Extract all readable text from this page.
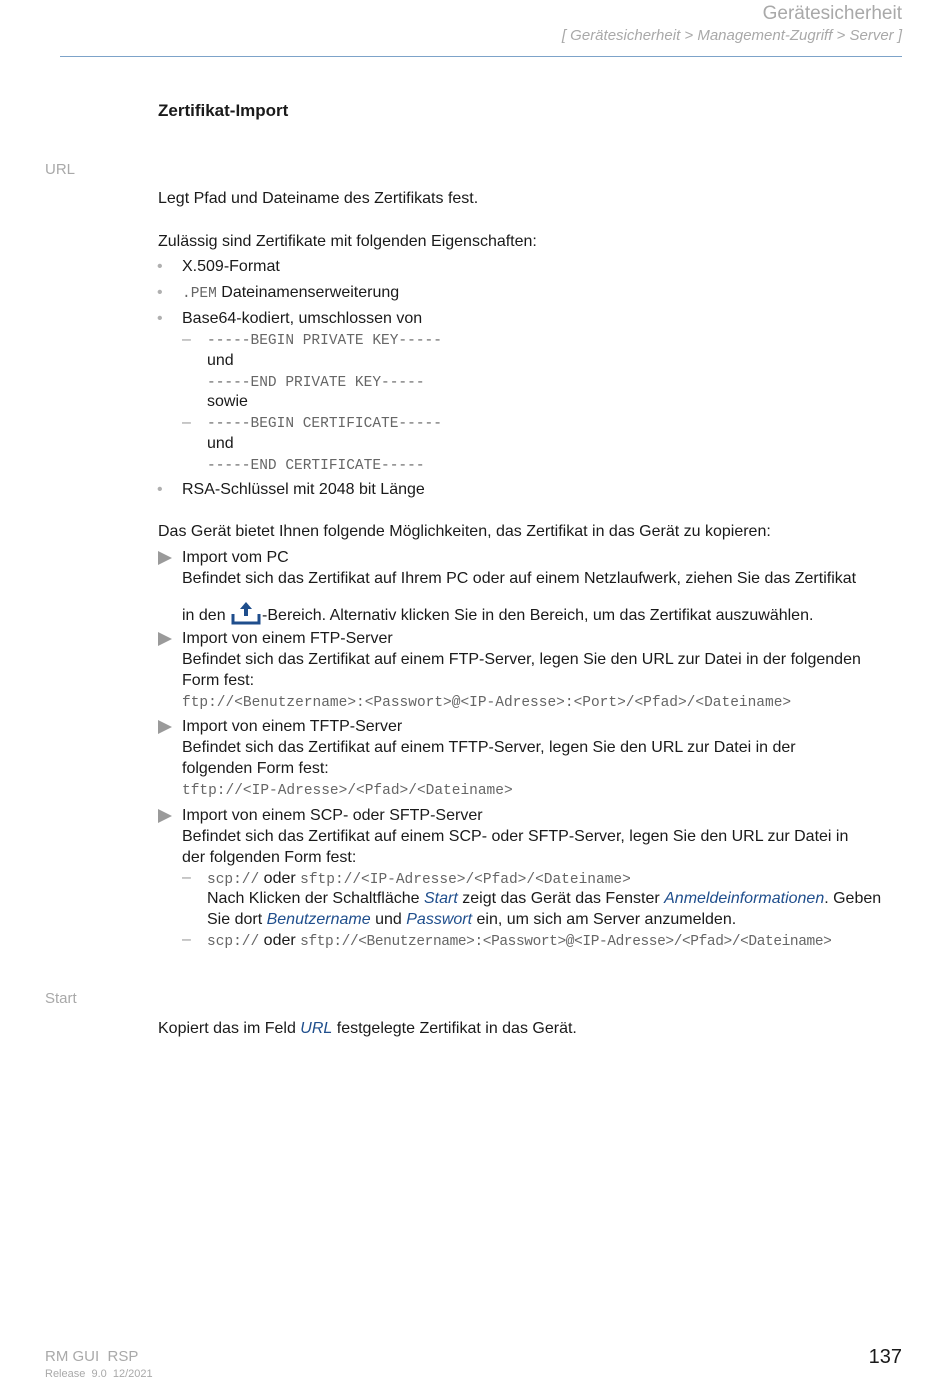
Gerätesicherheit
[ Gerätesicherheit > Management-Zugriff > Server ]
Zertifikat-Import
URL
Legt Pfad und Dateiname des Zertifikats fest.
Zulässig sind Zertifikate mit folgenden Eigenschaften:
• X.509-Format
• .PEM Dateinamenserweiterung
• Base64-kodiert, umschlossen von
– -----BEGIN PRIVATE KEY-----
und
-----END PRIVATE KEY-----
sowie
– -----BEGIN CERTIFICATE-----
und
-----END CERTIFICATE-----
• RSA-Schlüssel mit 2048 bit Länge
Das Gerät bietet Ihnen folgende Möglichkeiten, das Zertifikat in das Gerät zu kopieren:
Import vom PC
Befindet sich das Zertifikat auf Ihrem PC oder auf einem Netzlaufwerk, ziehen Sie das Zertifikat
in den -Bereich. Alternativ klicken Sie in den Bereich, um das Zertifikat auszuwählen.
Import von einem FTP-Server
Befindet sich das Zertifikat auf einem FTP-Server, legen Sie den URL zur Datei in der folgenden
Form fest:
ftp://<Benutzername>:<Passwort>@<IP-Adresse>:<Port>/<Pfad>/<Dateiname>
Import von einem TFTP-Server
Befindet sich das Zertifikat auf einem TFTP-Server, legen Sie den URL zur Datei in der
folgenden Form fest:
tftp://<IP-Adresse>/<Pfad>/<Dateiname>
Import von einem SCP- oder SFTP-Server
Befindet sich das Zertifikat auf einem SCP- oder SFTP-Server, legen Sie den URL zur Datei in
der folgenden Form fest:
– scp:// oder sftp://<IP-Adresse>/<Pfad>/<Dateiname>
Nach Klicken der Schaltfläche Start zeigt das Gerät das Fenster Anmeldeinformationen. Geben
Sie dort Benutzername und Passwort ein, um sich am Server anzumelden.
– scp:// oder sftp://<Benutzername>:<Passwort>@<IP-Adresse>/<Pfad>/<Dateiname>
Start
Kopiert das im Feld URL festgelegte Zertifikat in das Gerät.
RM GUI  RSP
Release  9.0  12/2021
137
